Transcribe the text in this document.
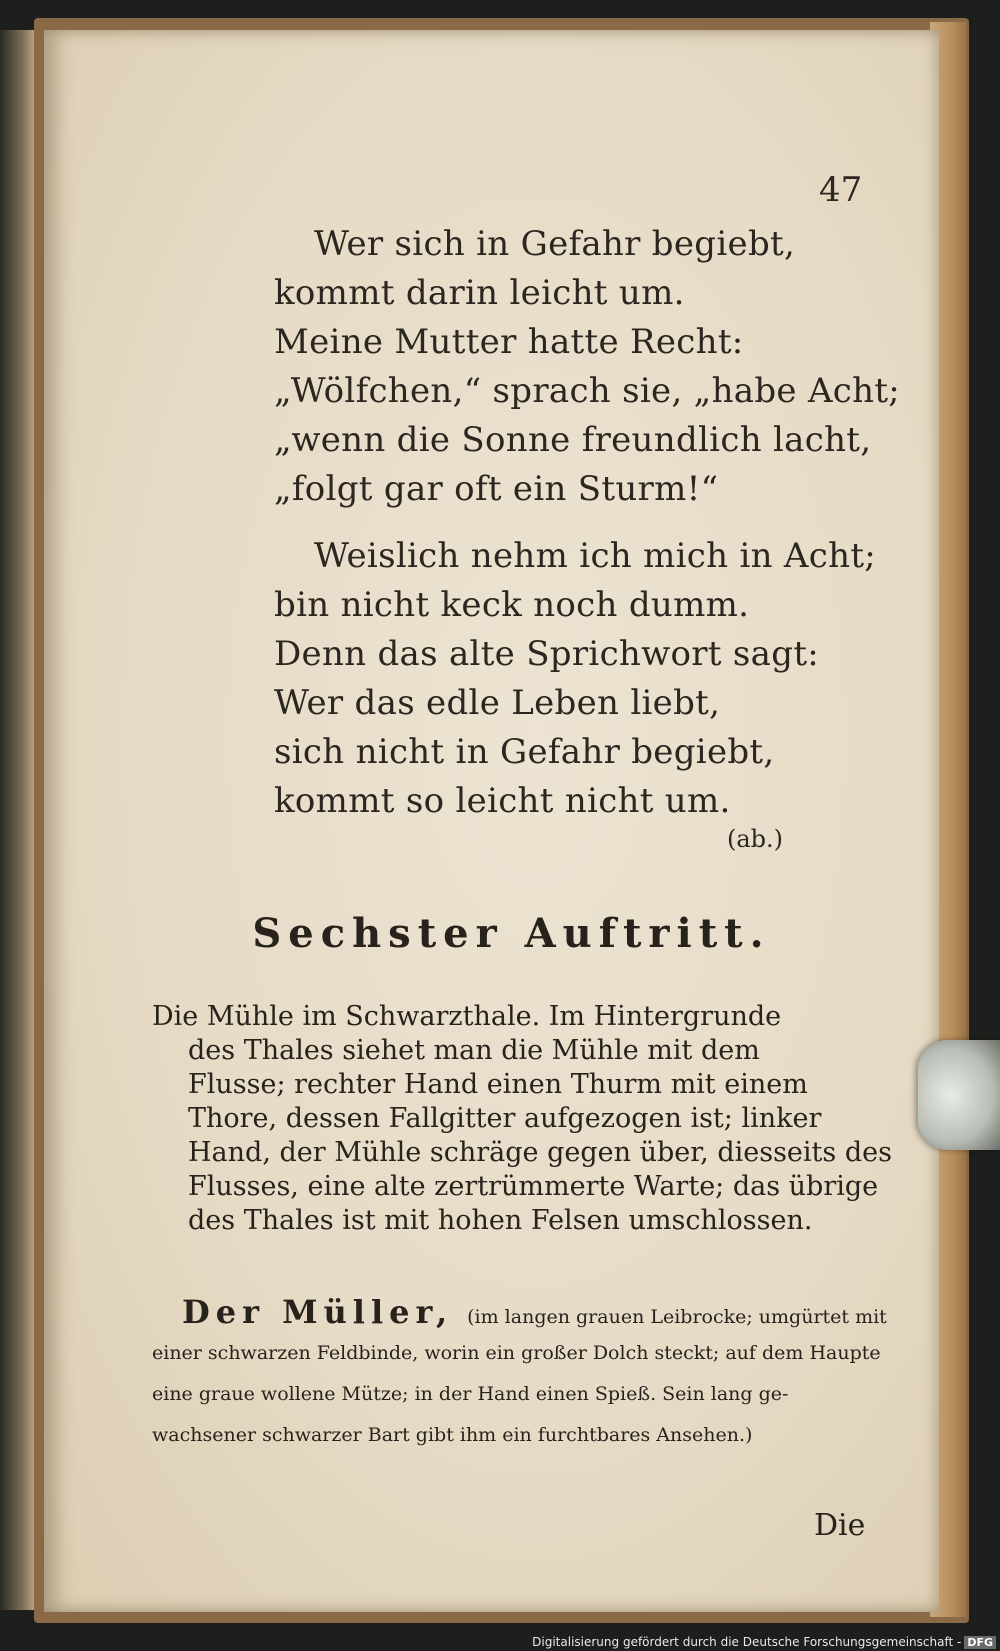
47
Wer sich in Gefahr begiebt,
kommt darin leicht um.
Meine Mutter hatte Recht:
„Wölfchen,“ sprach sie, „habe Acht;
„wenn die Sonne freundlich lacht,
„folgt gar oft ein Sturm!“
Weislich nehm ich mich in Acht;
bin nicht keck noch dumm.
Denn das alte Sprichwort sagt:
Wer das edle Leben liebt,
sich nicht in Gefahr begiebt,
kommt so leicht nicht um.
(ab.)
Sechster Auftritt.
Die Mühle im Schwarzthale. Im Hintergrunde
des Thales siehet man die Mühle mit dem
Flusse; rechter Hand einen Thurm mit einem
Thore, dessen Fallgitter aufgezogen ist; linker
Hand, der Mühle schräge gegen über, diesseits des
Flusses, eine alte zertrümmerte Warte; das übrige
des Thales ist mit hohen Felsen umschlossen.
Der Müller, (im langen grauen Leibrocke; umgürtet mit
einer schwarzen Feldbinde, worin ein großer Dolch steckt; auf dem Haupte
eine graue wollene Mütze; in der Hand einen Spieß. Sein lang ge-
wachsener schwarzer Bart gibt ihm ein furchtbares Ansehen.)
Die
Digitalisierung gefördert durch die Deutsche Forschungsgemeinschaft - DFG
